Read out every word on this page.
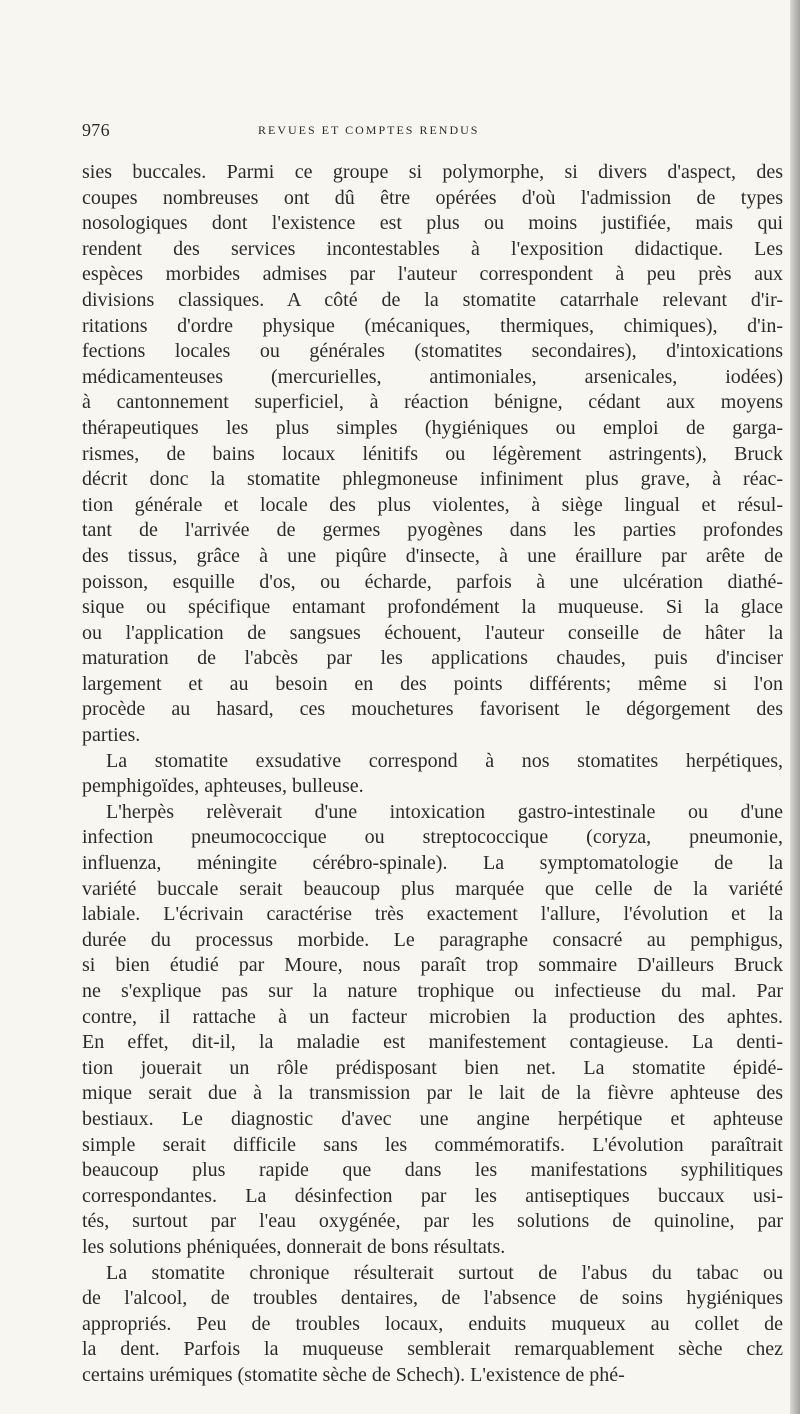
976	REVUES ET COMPTES RENDUS
sies buccales. Parmi ce groupe si polymorphe, si divers d'aspect, des
coupes nombreuses ont dû être opérées d'où l'admission de types
nosologiques dont l'existence est plus ou moins justifiée, mais qui
rendent des services incontestables à l'exposition didactique. Les
espèces morbides admises par l'auteur correspondent à peu près aux
divisions classiques. A côté de la stomatite catarrhale relevant d'ir-
ritations d'ordre physique (mécaniques, thermiques, chimiques), d'in-
fections locales ou générales (stomatites secondaires), d'intoxications
médicamenteuses (mercurielles, antimoniales, arsenicales, iodées)
à cantonnement superficiel, à réaction bénigne, cédant aux moyens
thérapeutiques les plus simples (hygiéniques ou emploi de garga-
rismes, de bains locaux lénitifs ou légèrement astringents), Bruck
décrit donc la stomatite phlegmoneuse infiniment plus grave, à réac-
tion générale et locale des plus violentes, à siège lingual et résul-
tant de l'arrivée de germes pyogènes dans les parties profondes
des tissus, grâce à une piqûre d'insecte, à une éraillure par arête de
poisson, esquille d'os, ou écharde, parfois à une ulcération diathé-
sique ou spécifique entamant profondément la muqueuse. Si la glace
ou l'application de sangsues échouent, l'auteur conseille de hâter la
maturation de l'abcès par les applications chaudes, puis d'inciser
largement et au besoin en des points différents; même si l'on
procède au hasard, ces mouchetures favorisent le dégorgement des
parties.
La stomatite exsudative correspond à nos stomatites herpétiques,
pemphigoïdes, aphteuses, bulleuse.
L'herpès relèverait d'une intoxication gastro-intestinale ou d'une
infection pneumococcique ou streptococcique (coryza, pneumonie,
influenza, méningite cérébro-spinale). La symptomatologie de la
variété buccale serait beaucoup plus marquée que celle de la variété
labiale. L'écrivain caractérise très exactement l'allure, l'évolution et la
durée du processus morbide. Le paragraphe consacré au pemphigus,
si bien étudié par Moure, nous paraît trop sommaire D'ailleurs Bruck
ne s'explique pas sur la nature trophique ou infectieuse du mal. Par
contre, il rattache à un facteur microbien la production des aphtes.
En effet, dit-il, la maladie est manifestement contagieuse. La denti-
tion jouerait un rôle prédisposant bien net. La stomatite épidé-
mique serait due à la transmission par le lait de la fièvre aphteuse des
bestiaux. Le diagnostic d'avec une angine herpétique et aphteuse
simple serait difficile sans les commémoratifs. L'évolution paraîtrait
beaucoup plus rapide que dans les manifestations syphilitiques
correspondantes. La désinfection par les antiseptiques buccaux usi-
tés, surtout par l'eau oxygénée, par les solutions de quinoline, par
les solutions phéniquées, donnerait de bons résultats.
La stomatite chronique résulterait surtout de l'abus du tabac ou
de l'alcool, de troubles dentaires, de l'absence de soins hygiéniques
appropriés. Peu de troubles locaux, enduits muqueux au collet de
la dent. Parfois la muqueuse semblerait remarquablement sèche chez
certains urémiques (stomatite sèche de Schech). L'existence de phé-
